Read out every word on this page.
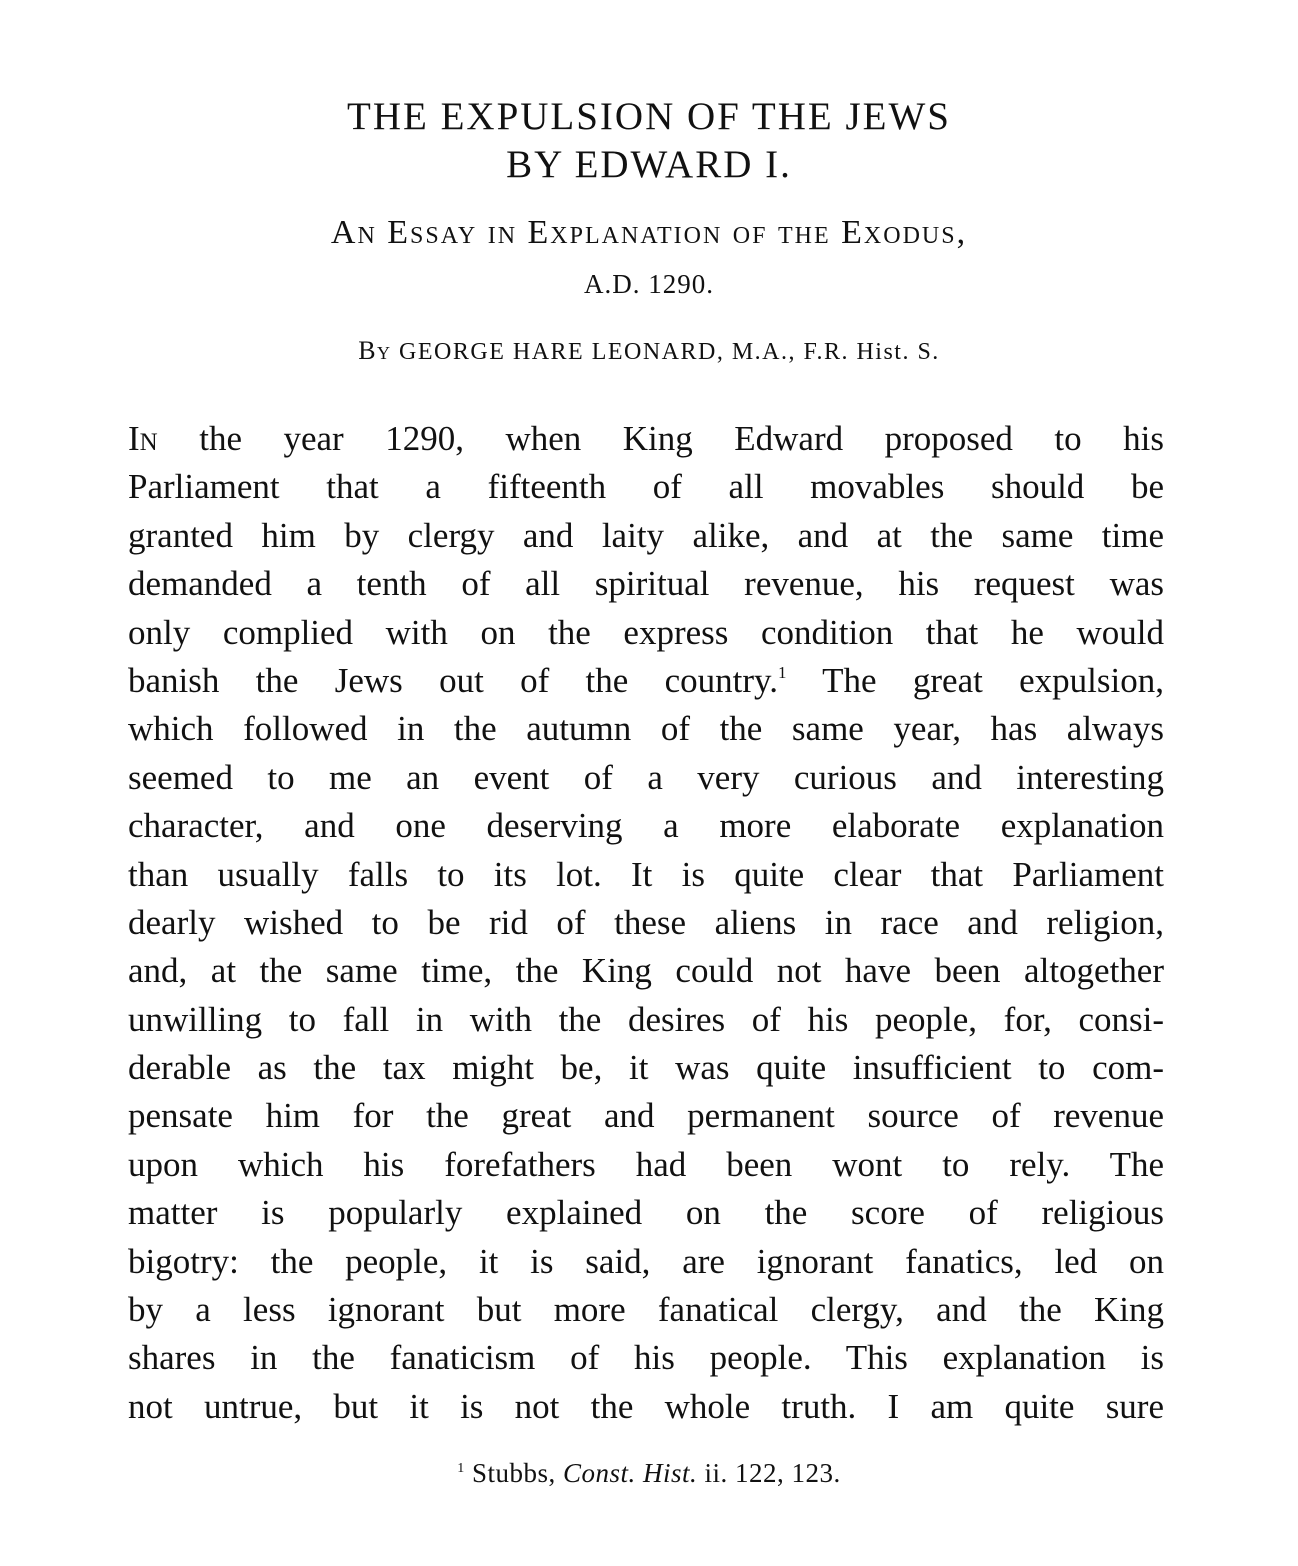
THE EXPULSION OF THE JEWS
BY EDWARD I.
An Essay in Explanation of the Exodus,
A.D. 1290.
By GEORGE HARE LEONARD, M.A., F.R. Hist. S.
In the year 1290, when King Edward proposed to his
Parliament that a fifteenth of all movables should be
granted him by clergy and laity alike, and at the same time
demanded a tenth of all spiritual revenue, his request was
only complied with on the express condition that he would
banish the Jews out of the country.$^1$ The great expulsion,
which followed in the autumn of the same year, has always
seemed to me an event of a very curious and interesting
character, and one deserving a more elaborate explanation
than usually falls to its lot. It is quite clear that Parliament
dearly wished to be rid of these aliens in race and religion,
and, at the same time, the King could not have been altogether
unwilling to fall in with the desires of his people, for, consi-
derable as the tax might be, it was quite insufficient to com-
pensate him for the great and permanent source of revenue
upon which his forefathers had been wont to rely. The
matter is popularly explained on the score of religious
bigotry: the people, it is said, are ignorant fanatics, led on
by a less ignorant but more fanatical clergy, and the King
shares in the fanaticism of his people. This explanation is
not untrue, but it is not the whole truth. I am quite sure
$^1$ Stubbs, Const. Hist. ii. 122, 123.
